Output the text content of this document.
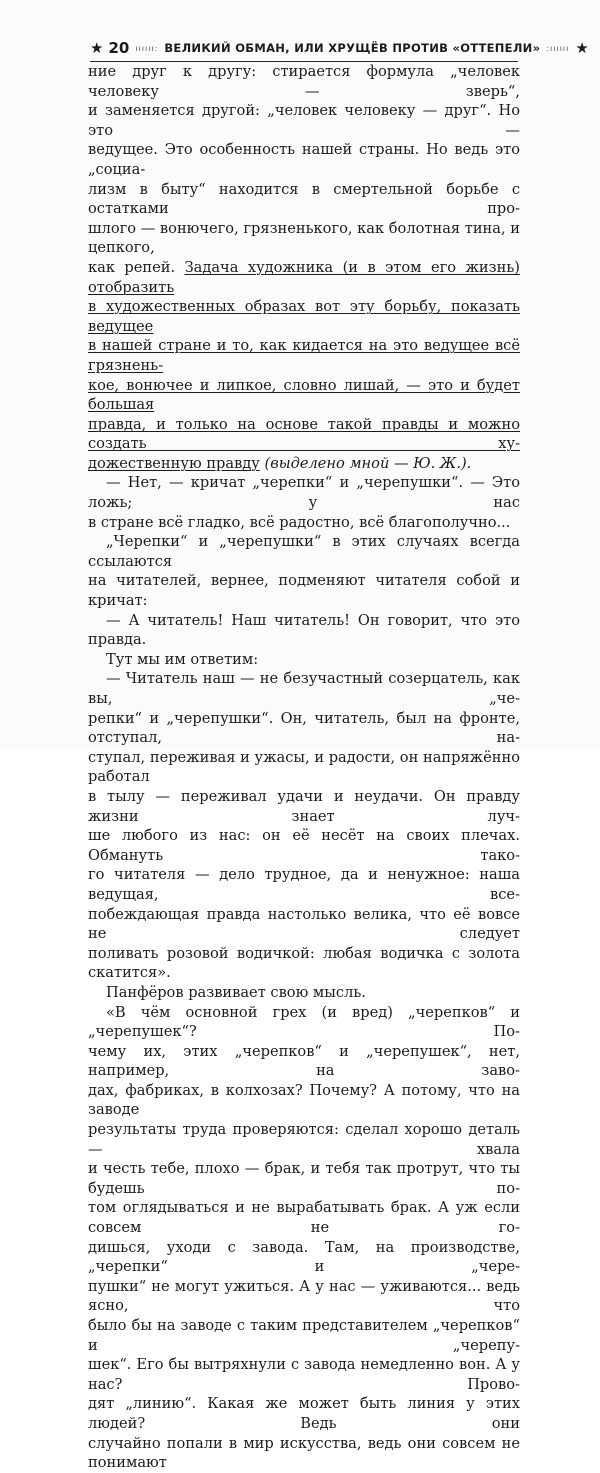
★ 20 ıııııı: ВЕЛИКИЙ ОБМАН, ИЛИ ХРУЩЁВ ПРОТИВ «ОТТЕПЕЛИ» :ıııııı ★

ние друг к другу: стирается формула „человек человеку — зверь“,

и заменяется другой: „человек человеку — друг“. Но это —

ведущее. Это особенность нашей страны. Но ведь это „социа-

лизм в быту“ находится в смертельной борьбе с остатками про-

шлого — вонючего, грязненького, как болотная тина, и цепкого,

как репей. Задача художника (и в этом его жизнь) отобразить

в художественных образах вот эту борьбу, показать ведущее

в нашей стране и то, как кидается на это ведущее всё грязнень-

кое, вонючее и липкое, словно лишай, — это и будет большая

правда, и только на основе такой правды и можно создать ху-

дожественную правду (выделено мной — Ю. Ж.).

— Нет, — кричат „черепки“ и „черепушки“. — Это ложь; у нас

в стране всё гладко, всё радостно, всё благополучно...

„Черепки“ и „черепушки“ в этих случаях всегда ссылаются

на читателей, вернее, подменяют читателя собой и кричат:

— А читатель! Наш читатель! Он говорит, что это правда.

Тут мы им ответим:

— Читатель наш — не безучастный созерцатель, как вы, „че-

репки“ и „черепушки“. Он, читатель, был на фронте, отступал, на-

ступал, переживая и ужасы, и радости, он напряжённо работал

в тылу — переживал удачи и неудачи. Он правду жизни знает луч-

ше любого из нас: он её несёт на своих плечах. Обмануть тако-

го читателя — дело трудное, да и ненужное: наша ведущая, все-

побеждающая правда настолько велика, что её вовсе не следует

поливать розовой водичкой: любая водичка с золота скатится».

Панфёров развивает свою мысль.

«В чём основной грех (и вред) „черепков“ и „черепушек“? По-

чему их, этих „черепков“ и „черепушек“, нет, например, на заво-

дах, фабриках, в колхозах? Почему? А потому, что на заводе

результаты труда проверяются: сделал хорошо деталь — хвала

и честь тебе, плохо — брак, и тебя так протрут, что ты будешь по-

том оглядываться и не вырабатывать брак. А уж если совсем не го-

дишься, уходи с завода. Там, на производстве, „черепки“ и „чере-

пушки“ не могут ужиться. А у нас — уживаются... ведь ясно, что

было бы на заводе с таким представителем „черепков“ и „черепу-

шек“. Его бы вытряхнули с завода немедленно вон. А у нас? Прово-

дят „линию“. Какая же может быть линия у этих людей? Ведь они

случайно попали в мир искусства, ведь они совсем не понимают
